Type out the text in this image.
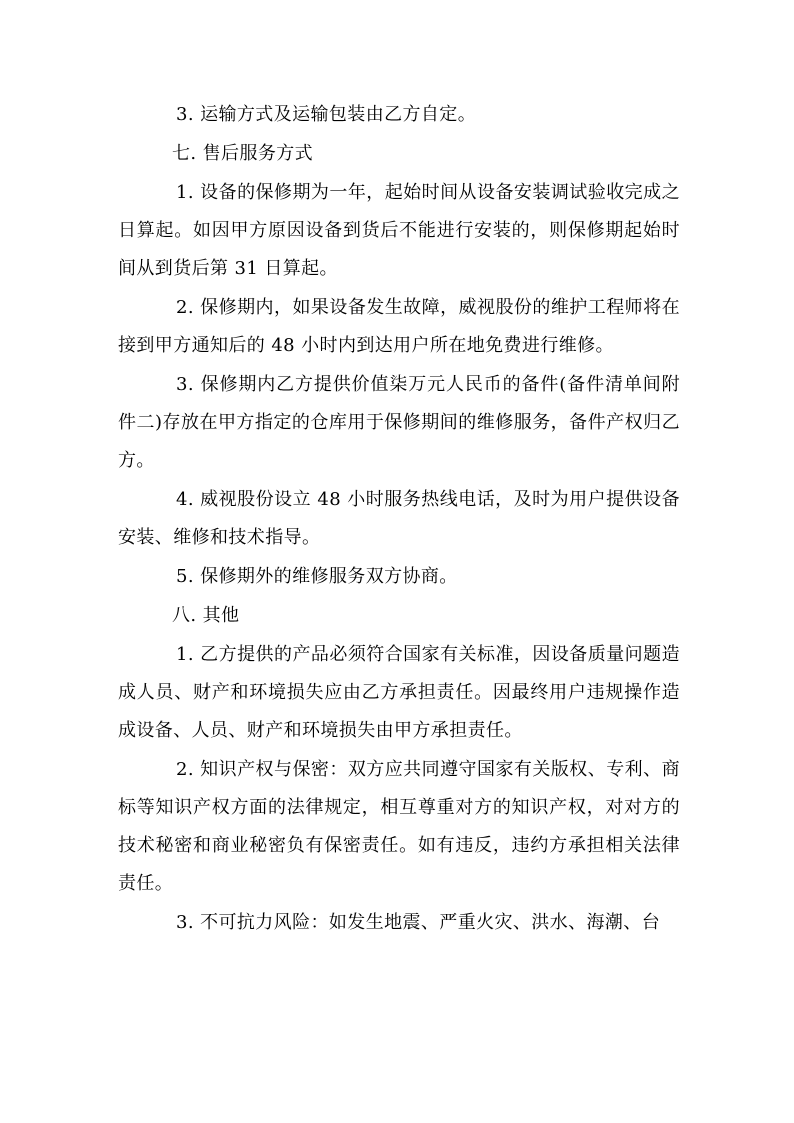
3. 运输方式及运输包装由乙方自定。

七. 售后服务方式

1. 设备的保修期为一年，起始时间从设备安装调试验收完成之日算起。如因甲方原因设备到货后不能进行安装的，则保修期起始时间从到货后第 31 日算起。

2. 保修期内，如果设备发生故障，威视股份的维护工程师将在接到甲方通知后的 48 小时内到达用户所在地免费进行维修。

3. 保修期内乙方提供价值柒万元人民币的备件(备件清单间附件二)存放在甲方指定的仓库用于保修期间的维修服务，备件产权归乙方。

4. 威视股份设立 48 小时服务热线电话，及时为用户提供设备安装、维修和技术指导。

5. 保修期外的维修服务双方协商。

八. 其他

1. 乙方提供的产品必须符合国家有关标准，因设备质量问题造成人员、财产和环境损失应由乙方承担责任。因最终用户违规操作造成设备、人员、财产和环境损失由甲方承担责任。

2. 知识产权与保密：双方应共同遵守国家有关版权、专利、商标等知识产权方面的法律规定，相互尊重对方的知识产权，对对方的技术秘密和商业秘密负有保密责任。如有违反，违约方承担相关法律责任。

3. 不可抗力风险：如发生地震、严重火灾、洪水、海潮、台
